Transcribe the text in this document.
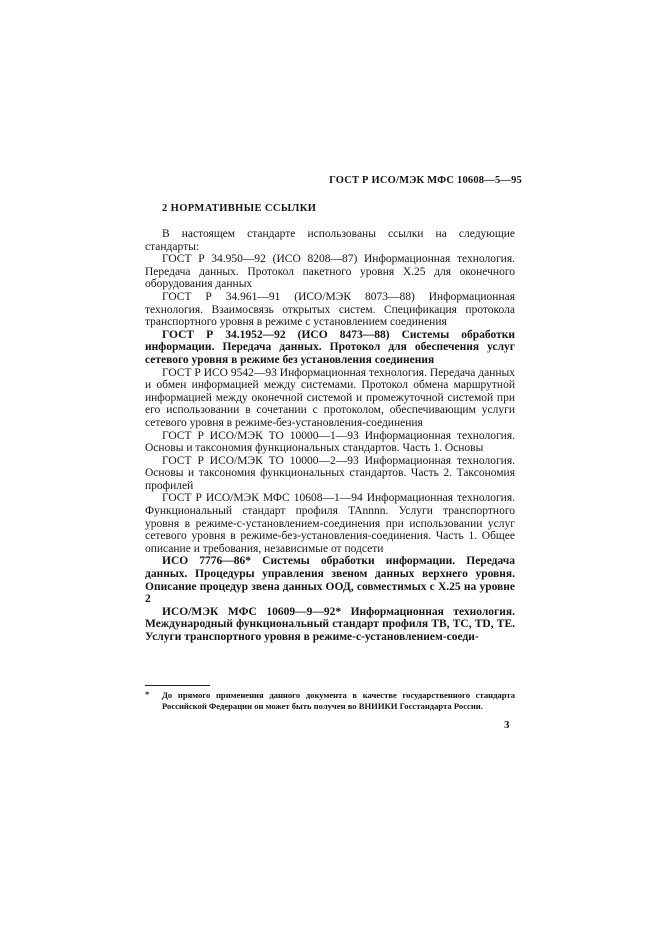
ГОСТ Р ИСО/МЭК МФС 10608—5—95
2 НОРМАТИВНЫЕ ССЫЛКИ

В настоящем стандарте использованы ссылки на следующие стандарты:

ГОСТ Р 34.950—92 (ИСО 8208—87) Информационная технология. Передача данных. Протокол пакетного уровня Х.25 для оконечного оборудования данных

ГОСТ Р 34.961—91 (ИСО/МЭК 8073—88) Информационная технология. Взаимосвязь открытых систем. Спецификация протокола транспортного уровня в режиме с установлением соединения

ГОСТ Р 34.1952—92 (ИСО 8473—88) Системы обработки информации. Передача данных. Протокол для обеспечения услуг сетевого уровня в режиме без установления соединения

ГОСТ Р ИСО 9542—93 Информационная технология. Передача данных и обмен информацией между системами. Протокол обмена маршрутной информацией между оконечной системой и промежуточной системой при его использовании в сочетании с протоколом, обеспечивающим услуги сетевого уровня в режиме-без-установления-соединения

ГОСТ Р ИСО/МЭК ТО 10000—1—93 Информационная технология. Основы и таксономия функциональных стандартов. Часть 1. Основы

ГОСТ Р ИСО/МЭК ТО 10000—2—93 Информационная технология. Основы и таксономия функциональных стандартов. Часть 2. Таксономия профилей

ГОСТ Р ИСО/МЭК МФС 10608—1—94 Информационная технология. Функциональный стандарт профиля TAnnnn. Услуги транспортного уровня в режиме-с-установлением-соединения при использовании услуг сетевого уровня в режиме-без-установления-соединения. Часть 1. Общее описание и требования, независимые от подсети

ИСО 7776—86* Системы обработки информации. Передача данных. Процедуры управления звеном данных верхнего уровня. Описание процедур звена данных ООД, совместимых с Х.25 на уровне 2

ИСО/МЭК МФС 10609—9—92* Информационная технология. Международный функциональный стандарт профиля ТВ, ТС, TD, ТЕ. Услуги транспортного уровня в режиме-с-установлением-соеди-

*	До прямого применения данного документа в качестве государственного стандарта Российской Федерации он может быть получен во ВНИИКИ Госстандарта России.
3
